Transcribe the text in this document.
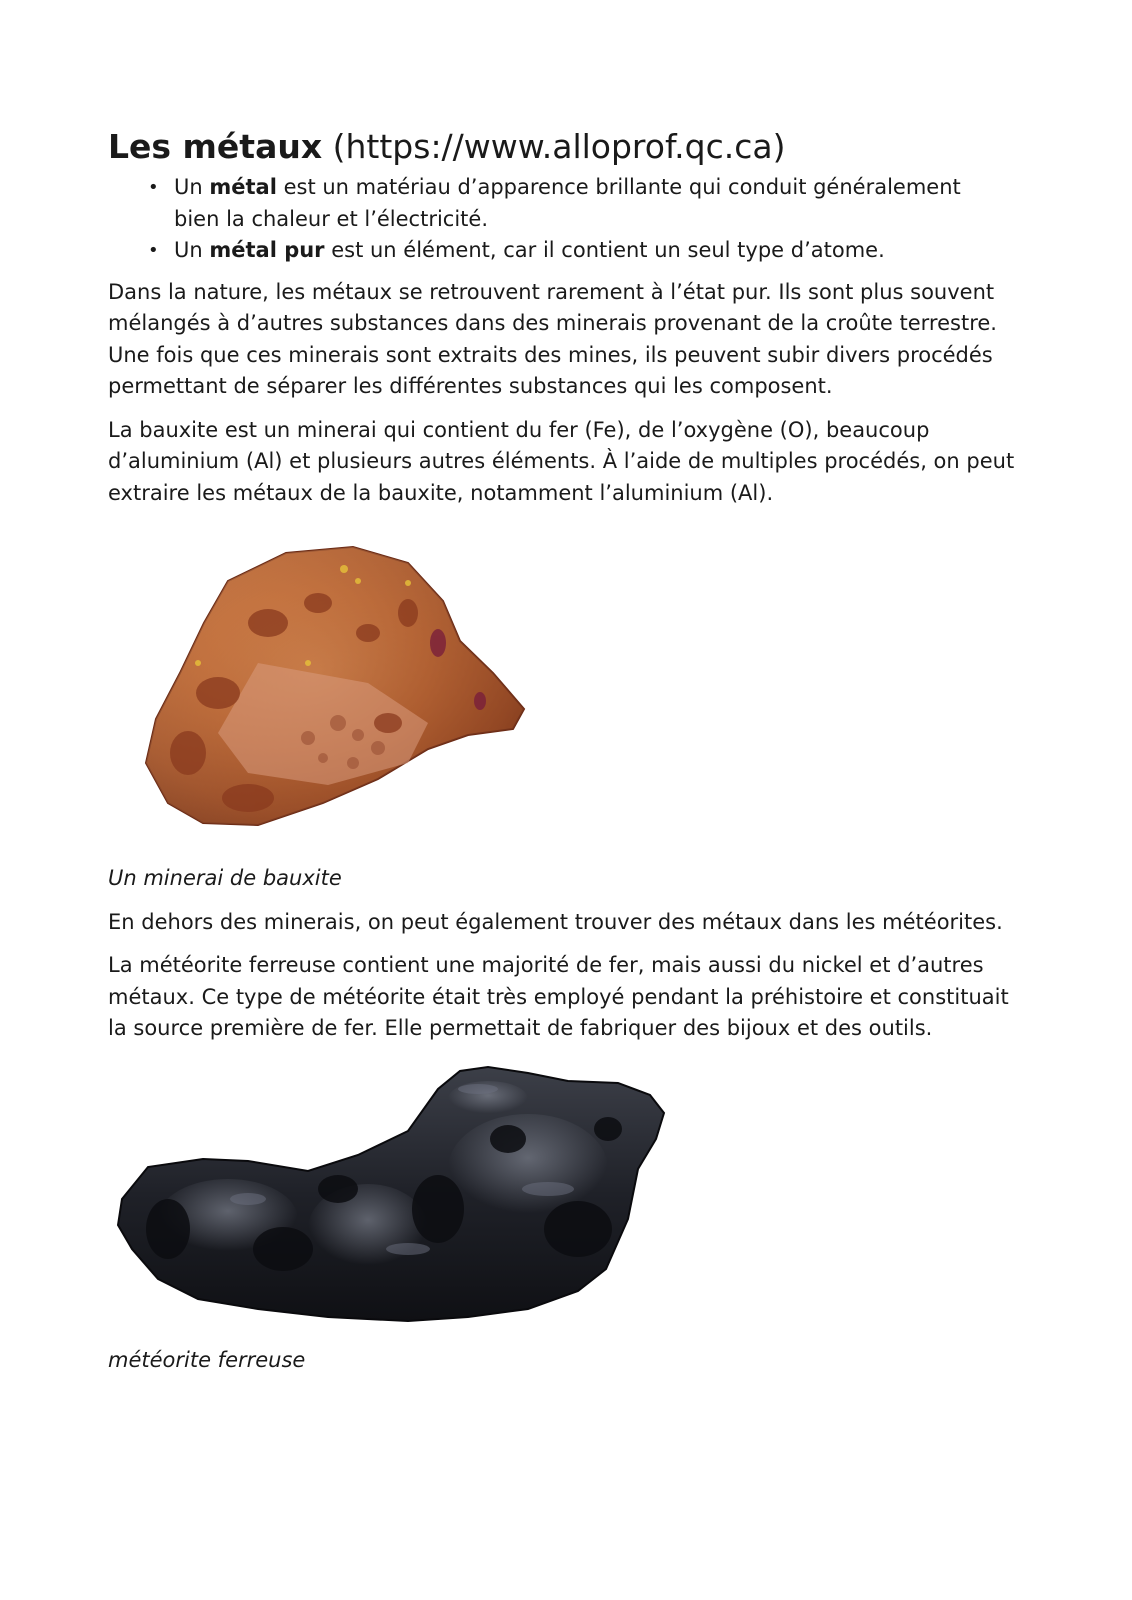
Les métaux (https://www.alloprof.qc.ca)
• Un métal est un matériau d’apparence brillante qui conduit généralement bien la chaleur et l’électricité.
• Un métal pur est un élément, car il contient un seul type d’atome.

Dans la nature, les métaux se retrouvent rarement à l’état pur. Ils sont plus souvent mélangés à d’autres substances dans des minerais provenant de la croûte terrestre. Une fois que ces minerais sont extraits des mines, ils peuvent subir divers procédés permettant de séparer les différentes substances qui les composent.

La bauxite est un minerai qui contient du fer (Fe), de l’oxygène (O), beaucoup d’aluminium (Al) et plusieurs autres éléments. À l’aide de multiples procédés, on peut extraire les métaux de la bauxite, notamment l’aluminium (Al).

Un minerai de bauxite

En dehors des minerais, on peut également trouver des métaux dans les météorites.

La météorite ferreuse contient une majorité de fer, mais aussi du nickel et d’autres métaux. Ce type de météorite était très employé pendant la préhistoire et constituait la source première de fer. Elle permettait de fabriquer des bijoux et des outils.

météorite ferreuse
